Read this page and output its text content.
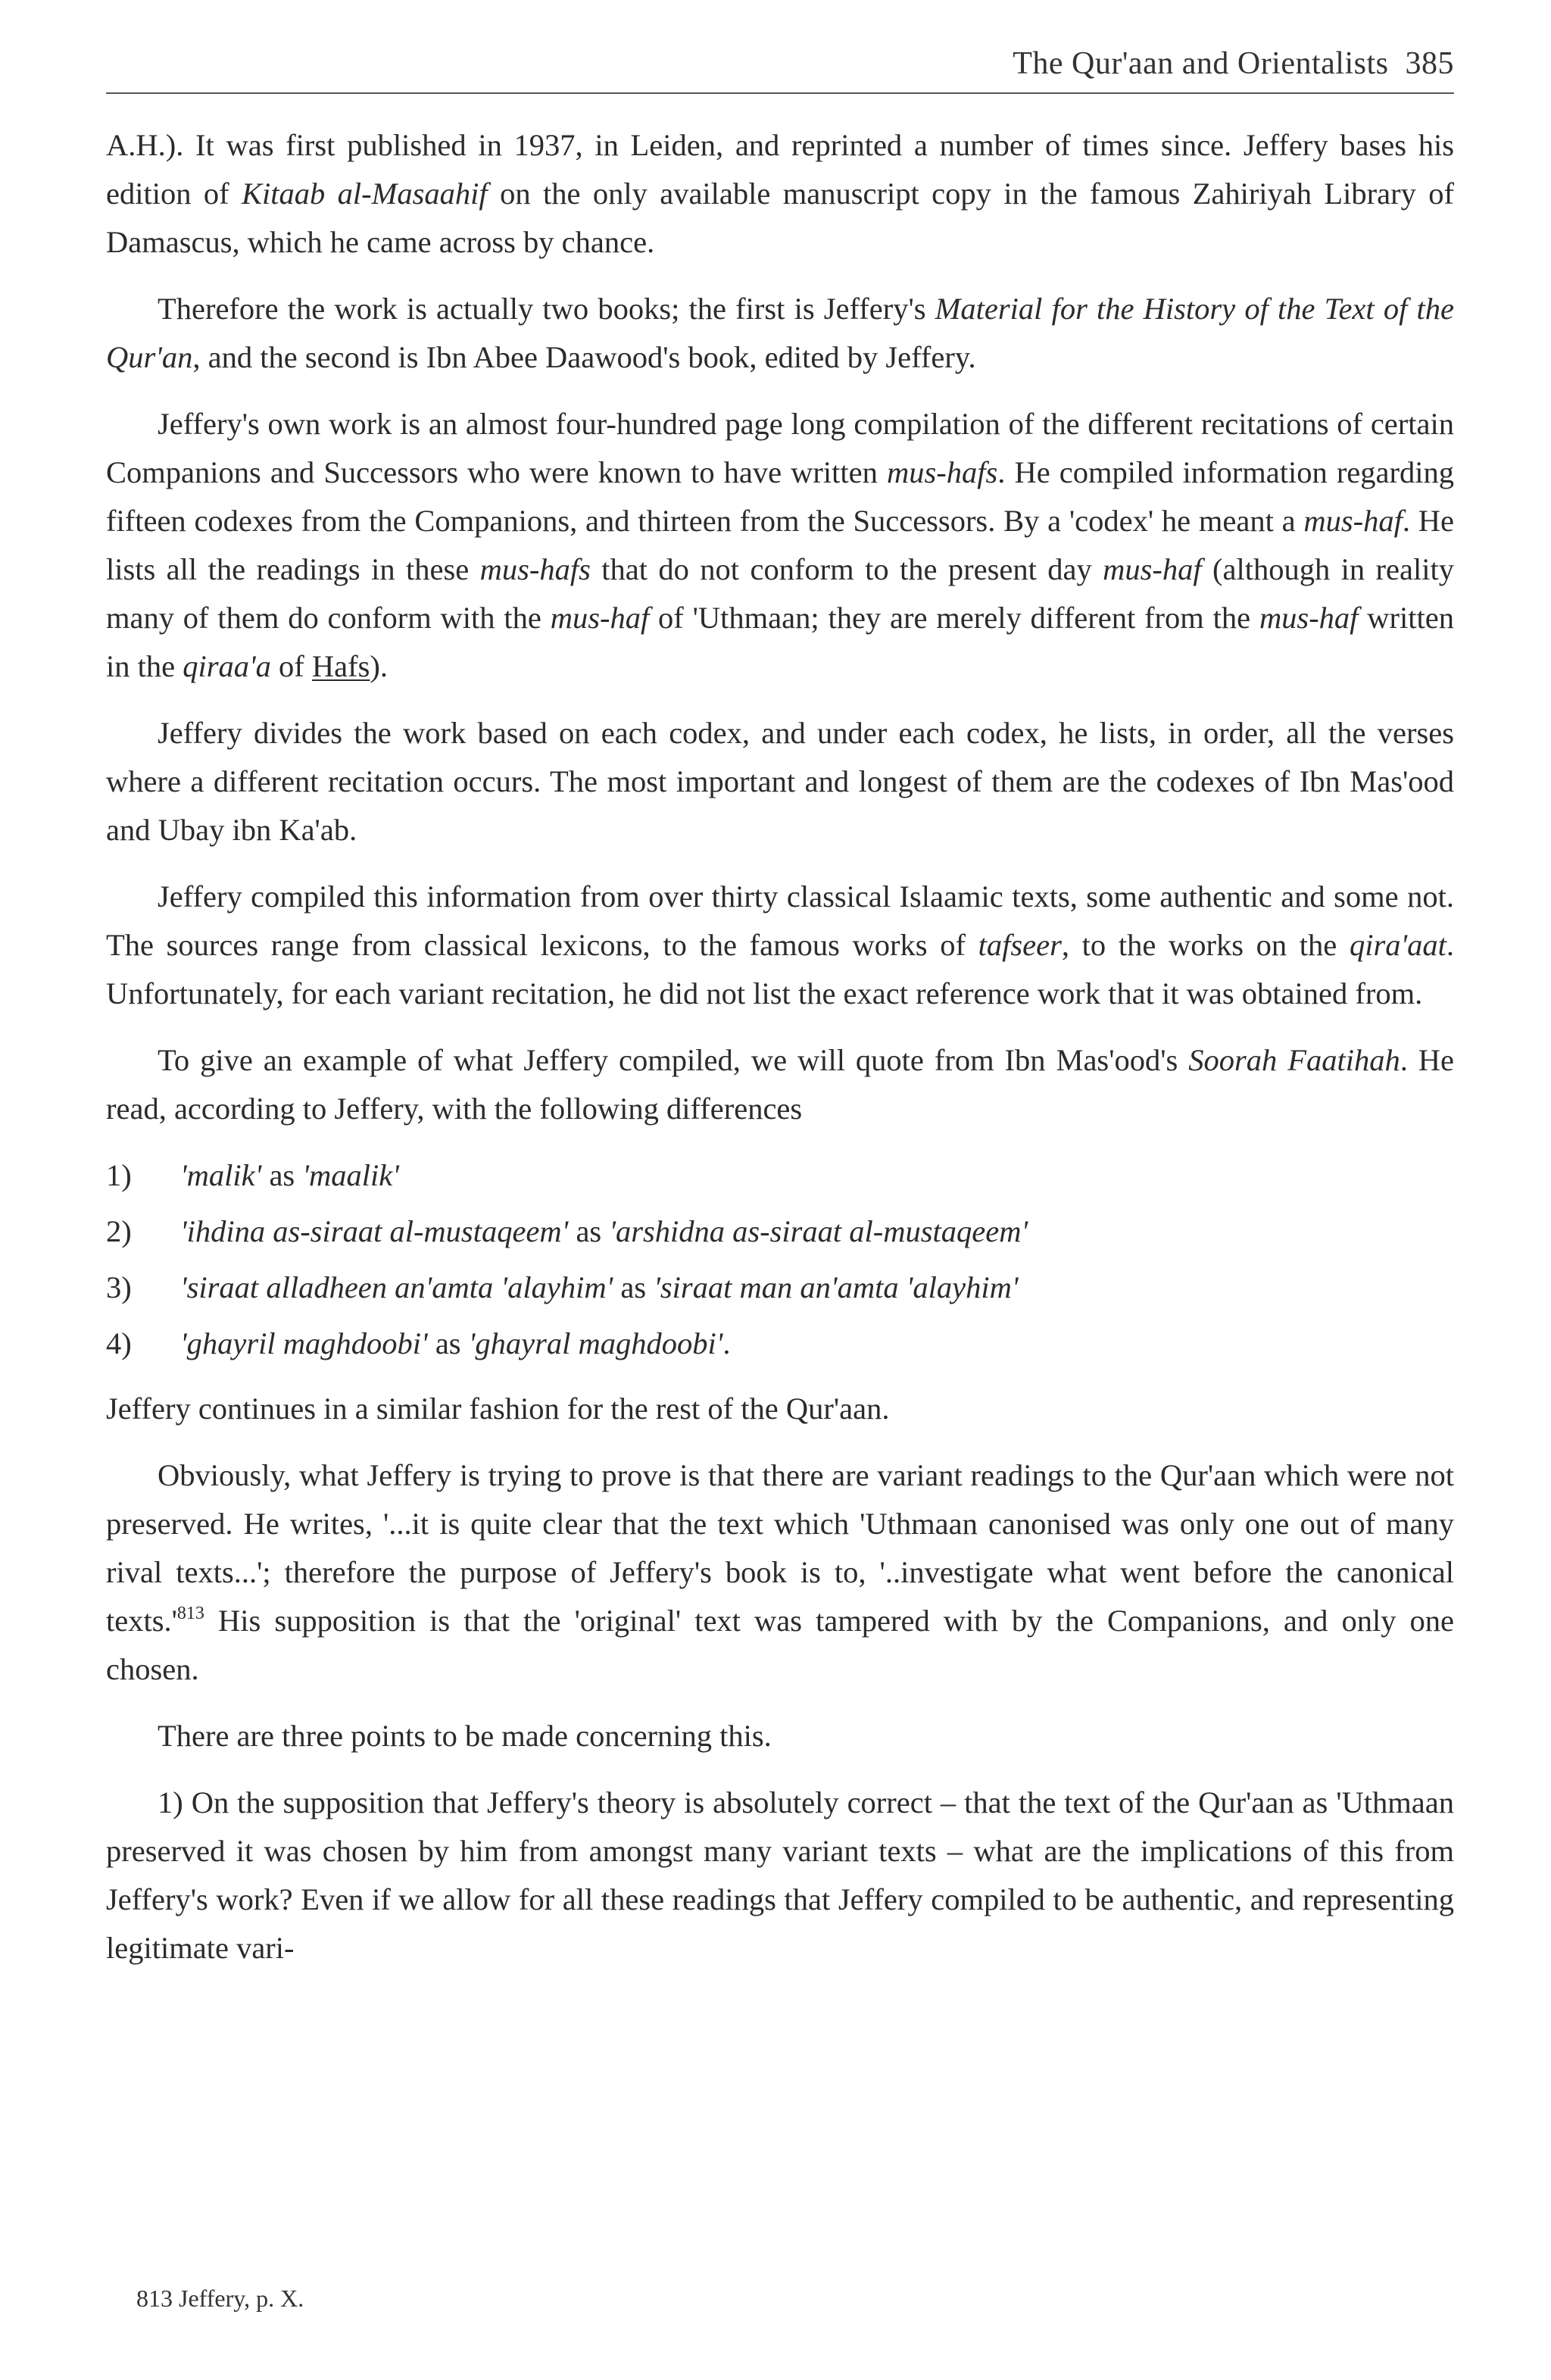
The Qur'aan and Orientalists 385

A.H.). It was first published in 1937, in Leiden, and reprinted a number of times since. Jeffery bases his edition of Kitaab al-Masaahif on the only available manuscript copy in the famous Zahiriyah Library of Damascus, which he came across by chance.

Therefore the work is actually two books; the first is Jeffery's Material for the History of the Text of the Qur'an, and the second is Ibn Abee Daawood's book, edited by Jeffery.

Jeffery's own work is an almost four-hundred page long compilation of the different recitations of certain Companions and Successors who were known to have written mus-hafs. He compiled information regarding fifteen codexes from the Companions, and thirteen from the Successors. By a 'codex' he meant a mus-haf. He lists all the readings in these mus-hafs that do not conform to the present day mus-haf (although in reality many of them do conform with the mus-haf of 'Uthmaan; they are merely different from the mus-haf written in the qiraa'a of Hafs).

Jeffery divides the work based on each codex, and under each codex, he lists, in order, all the verses where a different recitation occurs. The most important and longest of them are the codexes of Ibn Mas'ood and Ubay ibn Ka'ab.

Jeffery compiled this information from over thirty classical Islaamic texts, some authentic and some not. The sources range from classical lexicons, to the famous works of tafseer, to the works on the qira'aat. Unfortunately, for each variant recitation, he did not list the exact reference work that it was obtained from.

To give an example of what Jeffery compiled, we will quote from Ibn Mas'ood's Soorah Faatihah. He read, according to Jeffery, with the following differences

1)	'malik' as 'maalik'
2)	'ihdina as-siraat al-mustaqeem' as 'arshidna as-siraat al-mustaqeem'
3)	'siraat alladheen an'amta 'alayhim' as 'siraat man an'amta 'alayhim'
4)	'ghayril maghdoobi' as 'ghayral maghdoobi'.

Jeffery continues in a similar fashion for the rest of the Qur'aan.

Obviously, what Jeffery is trying to prove is that there are variant readings to the Qur'aan which were not preserved. He writes, '...it is quite clear that the text which 'Uthmaan canonised was only one out of many rival texts...'; therefore the purpose of Jeffery's book is to, '..investigate what went before the canonical $texts.'^{813}$ His supposition is that the 'original' text was tampered with by the Companions, and only one chosen.

There are three points to be made concerning this.

1) On the supposition that Jeffery's theory is absolutely correct – that the text of the Qur'aan as 'Uthmaan preserved it was chosen by him from amongst many variant texts – what are the implications of this from Jeffery's work? Even if we allow for all these readings that Jeffery compiled to be authentic, and representing legitimate vari-

813 Jeffery, p. X.
